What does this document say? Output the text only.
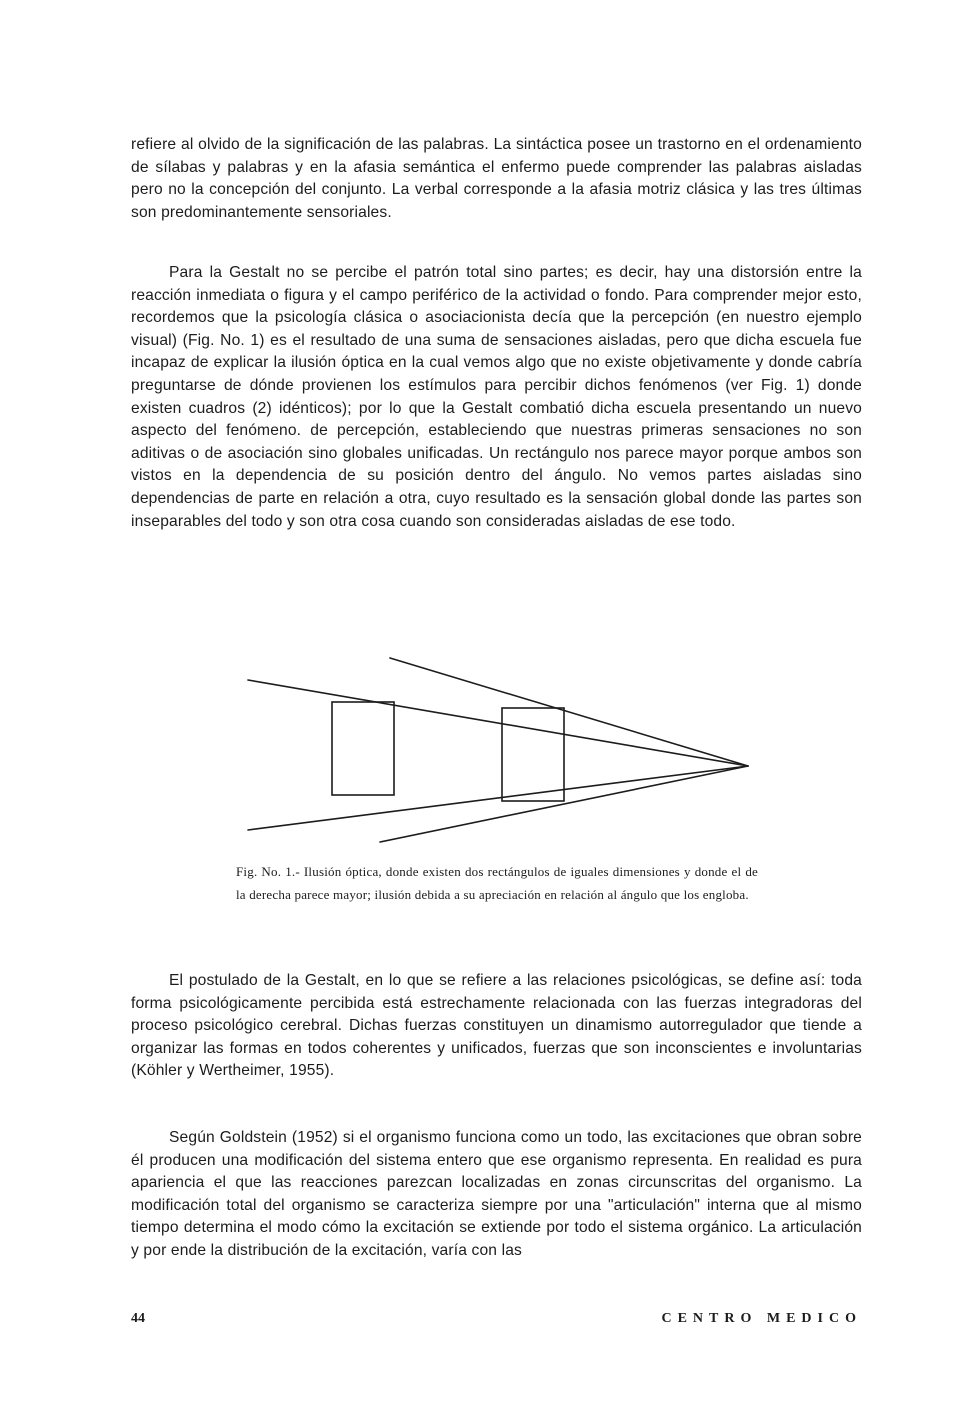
refiere al olvido de la significación de las palabras. La sintáctica posee un trastorno en el ordenamiento de sílabas y palabras y en la afasia semántica el enfermo puede comprender las palabras aisladas pero no la concepción del conjunto. La verbal corresponde a la afasia motriz clásica y las tres últimas son predominantemente sensoriales.

Para la Gestalt no se percibe el patrón total sino partes; es decir, hay una distorsión entre la reacción inmediata o figura y el campo periférico de la actividad o fondo. Para comprender mejor esto, recordemos que la psicología clásica o asociacionista decía que la percepción (en nuestro ejemplo visual) (Fig. No. 1) es el resultado de una suma de sensaciones aisladas, pero que dicha escuela fue incapaz de explicar la ilusión óptica en la cual vemos algo que no existe objetivamente y donde cabría preguntarse de dónde provienen los estímulos para percibir dichos fenómenos (ver Fig. 1) donde existen cuadros (2) idénticos); por lo que la Gestalt combatió dicha escuela presentando un nuevo aspecto del fenómeno. de percepción, estableciendo que nuestras primeras sensaciones no son aditivas o de asociación sino globales unificadas. Un rectángulo nos parece mayor porque ambos son vistos en la dependencia de su posición dentro del ángulo. No vemos partes aisladas sino dependencias de parte en relación a otra, cuyo resultado es la sensación global donde las partes son inseparables del todo y son otra cosa cuando son consideradas aisladas de ese todo.

Fig. No. 1.- Ilusión óptica, donde existen dos rectángulos de iguales dimensiones y donde el de la derecha parece mayor; ilusión debida a su apreciación en relación al ángulo que los engloba.

El postulado de la Gestalt, en lo que se refiere a las relaciones psicológicas, se define así: toda forma psicológicamente percibida está estrechamente relacionada con las fuerzas integradoras del proceso psicológico cerebral. Dichas fuerzas constituyen un dinamismo autorregulador que tiende a organizar las formas en todos coherentes y unificados, fuerzas que son inconscientes e involuntarias (Köhler y Wertheimer, 1955).

Según Goldstein (1952) si el organismo funciona como un todo, las excitaciones que obran sobre él producen una modificación del sistema entero que ese organismo representa. En realidad es pura apariencia el que las reacciones parezcan localizadas en zonas circunscritas del organismo. La modificación total del organismo se caracteriza siempre por una "articulación" interna que al mismo tiempo determina el modo cómo la excitación se extiende por todo el sistema orgánico. La articulación y por ende la distribución de la excitación, varía con las

44	CENTRO MEDICO
